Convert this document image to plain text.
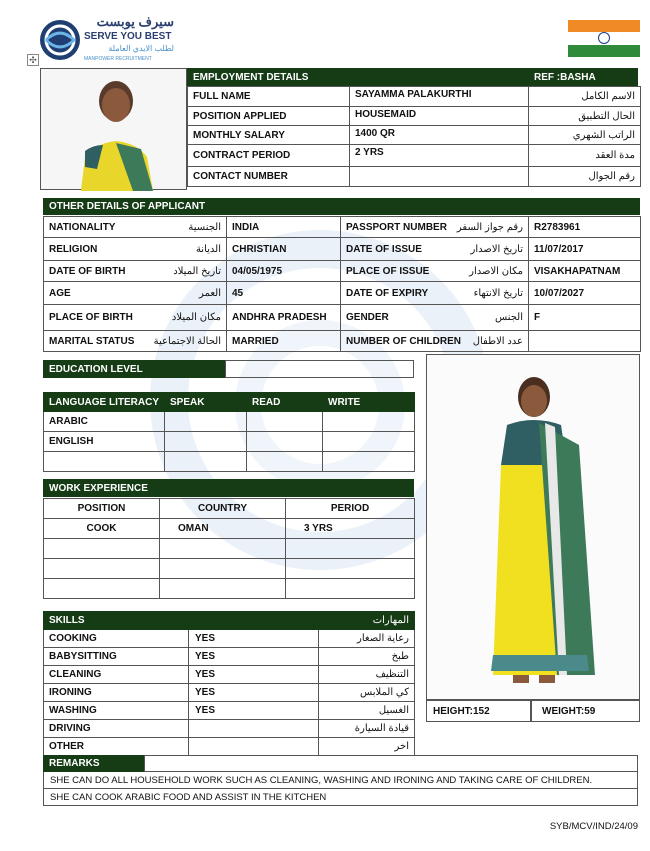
سيرف يوبست
SERVE YOU BEST
لطلب الايدي العاملة
MANPOWER RECRUITMENT
✣
EMPLOYMENT DETAILS	REF :BASHA
FULL NAME	SAYAMMA PALAKURTHI	الاسم الكامل
POSITION APPLIED	HOUSEMAID	الحال التطبيق
MONTHLY SALARY	1400 QR	الراتب الشهري
CONTRACT PERIOD	2 YRS	مدة العقد
CONTACT NUMBER		رقم الجوال
OTHER DETAILS OF APPLICANT
NATIONALITY الجنسية	INDIA	PASSPORT NUMBER رقم جواز السفر	R2783961

RELIGION الديانة	CHRISTIAN	DATE OF ISSUE تاريخ الاصدار	11/07/2017

DATE OF BIRTH تاريخ الميلاد	04/05/1975	PLACE OF ISSUE مكان الاصدار	VISAKHAPATNAM

AGE العمر	45	DATE OF EXPIRY تاريخ الانتهاء	10/07/2027

PLACE OF BIRTH مكان الميلاد	ANDHRA PRADESH	GENDER الجنس	F

MARITAL STATUS الحالة الاجتماعية	MARRIED	NUMBER OF CHILDREN عدد الاطفال	

EDUCATION LEVEL
LANGUAGE LITERACY	SPEAK	READ	WRITE
ARABIC			
ENGLISH			

WORK EXPERIENCE
POSITION	COUNTRY	PERIOD
COOK	OMAN	3 YRS

SKILLS		المهارات
COOKING	YES	رعاية الصغار
BABYSITTING	YES	طبخ
CLEANING	YES	التنظيف
IRONING	YES	كي الملابس
WASHING	YES	الغسيل
DRIVING		قيادة السيارة
OTHER		اخر
HEIGHT:152	WEIGHT:59
REMARKS
SHE CAN DO ALL HOUSEHOLD WORK SUCH AS CLEANING, WASHING AND IRONING AND TAKING CARE OF CHILDREN.
SHE CAN COOK ARABIC FOOD AND ASSIST IN THE KITCHEN
SYB/MCV/IND/24/09
